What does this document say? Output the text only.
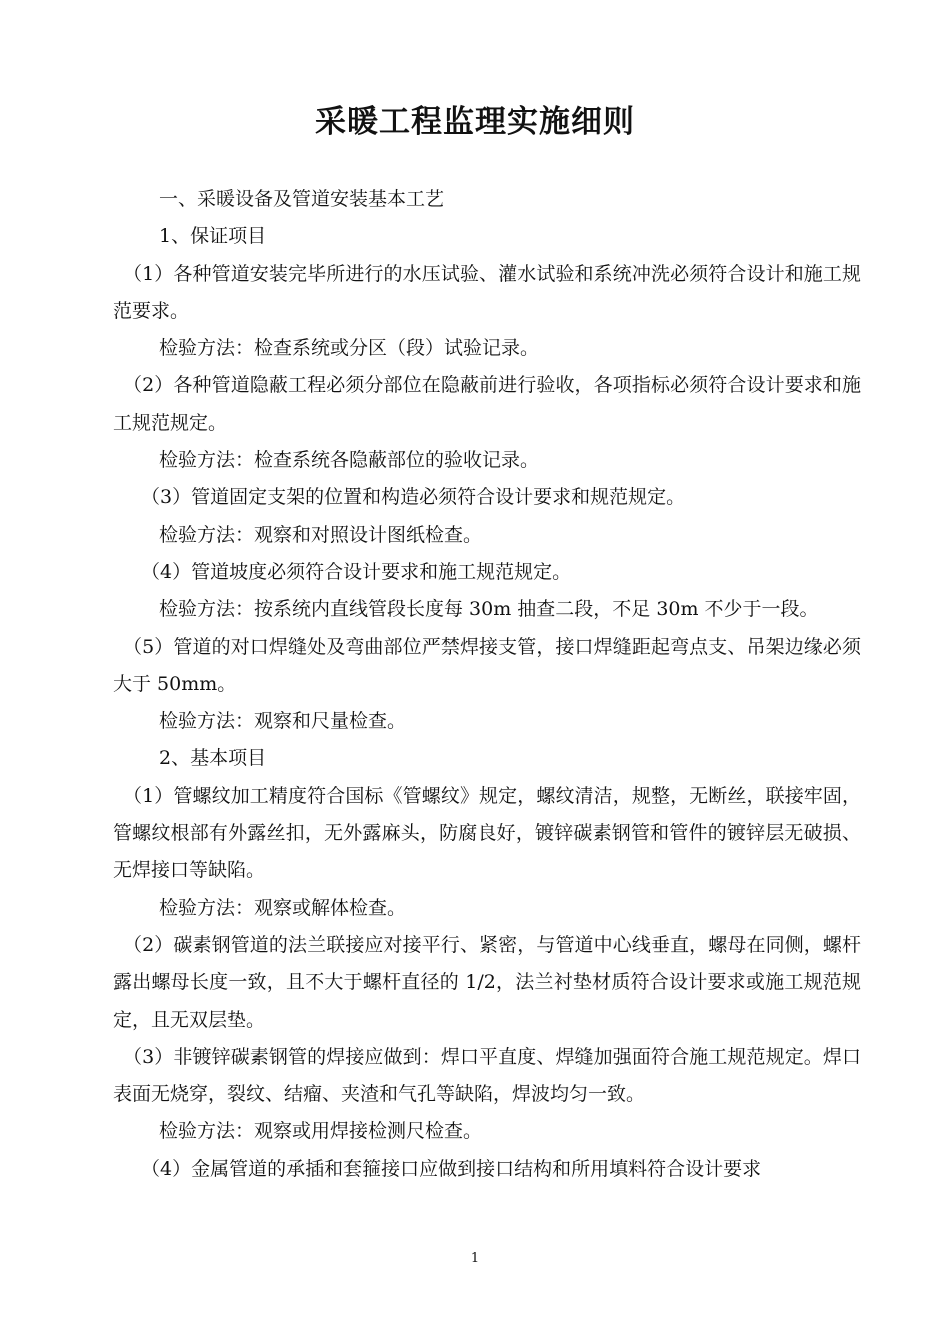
采暖工程监理实施细则

一、采暖设备及管道安装基本工艺

1、保证项目

（1）各种管道安装完毕所进行的水压试验、灌水试验和系统冲洗必须符合设计和施工规范要求。

检验方法：检查系统或分区（段）试验记录。

（2）各种管道隐蔽工程必须分部位在隐蔽前进行验收，各项指标必须符合设计要求和施工规范规定。

检验方法：检查系统各隐蔽部位的验收记录。

（3）管道固定支架的位置和构造必须符合设计要求和规范规定。

检验方法：观察和对照设计图纸检查。

（4）管道坡度必须符合设计要求和施工规范规定。

检验方法：按系统内直线管段长度每 30m 抽查二段，不足 30m 不少于一段。

（5）管道的对口焊缝处及弯曲部位严禁焊接支管，接口焊缝距起弯点支、吊架边缘必须大于 50mm。

检验方法：观察和尺量检查。

2、基本项目

（1）管螺纹加工精度符合国标《管螺纹》规定，螺纹清洁，规整，无断丝，联接牢固，管螺纹根部有外露丝扣，无外露麻头，防腐良好，镀锌碳素钢管和管件的镀锌层无破损、无焊接口等缺陷。

检验方法：观察或解体检查。

（2）碳素钢管道的法兰联接应对接平行、紧密，与管道中心线垂直，螺母在同侧，螺杆露出螺母长度一致，且不大于螺杆直径的 1/2，法兰衬垫材质符合设计要求或施工规范规定，且无双层垫。

（3）非镀锌碳素钢管的焊接应做到：焊口平直度、焊缝加强面符合施工规范规定。焊口表面无烧穿，裂纹、结瘤、夹渣和气孔等缺陷，焊波均匀一致。

检验方法：观察或用焊接检测尺检查。

（4）金属管道的承插和套箍接口应做到接口结构和所用填料符合设计要求

1
